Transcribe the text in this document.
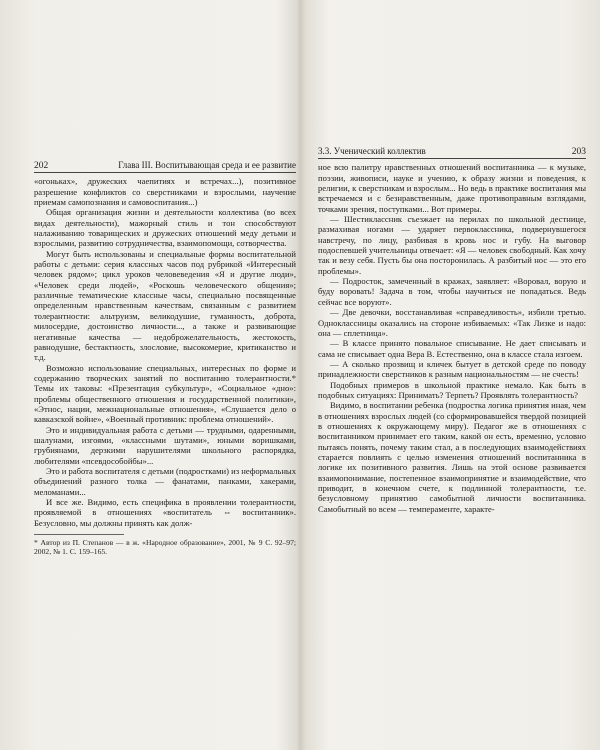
202	Глава III. Воспитывающая среда и ее развитие

«огоньках», дружеских чаепитиях и встречах...), позитивное разрешение конфликтов со сверстниками и взрослыми, научение приемам самопознания и самовоспитания...)

Общая организация жизни и деятельности коллектива (во всех видах деятельности), мажорный стиль и тон способствуют налаживанию товарищеских и дружеских отношений меду детьми и взрослыми, развитию сотрудничества, взаимопомощи, сотворчества.

Могут быть использованы и специальные формы воспитательной работы с детьми: серия классных часов под рубрикой «Интересный человек рядом»; цикл уроков человеведения «Я и другие люди», «Человек среди людей», «Роскошь человеческого общения»; различные тематические классные часы, специально посвященные определенным нравственным качествам, связанным с развитием толерантности: альтруизм, великодушие, гуманность, доброта, милосердие, достоинство личности..., а также и развивающие негативные качества — недоброжелательность, жестокость, равнодушие, бестактность, злословие, высокомерие, критиканство и т.д.

Возможно использование специальных, интересных по форме и содержанию творческих занятий по воспитанию толерантности.* Темы их таковы: «Презентация субкультур», «Социальное «дно»: проблемы общественного отношения и государственной политики», «Этнос, нации, межнациональные отношения», «Слушается дело о кавказской войне», «Военный противник: проблема отношений».

Это и индивидуальная работа с детьми — трудными, одаренными, шалунами, изгоями, «классными шутами», юными воришками, грубиянами, дерзкими нарушителями школьного распорядка, любителями «псевдособойбы»...

Это и работа воспитателя с детьми (подростками) из неформальных объединений разного толка — фанатами, панками, хакерами, меломанами...

И все же. Видимо, есть специфика в проявлении толерантности, проявляемой в отношениях «воспитатель ⇔ воспитанник». Безусловно, мы должны принять как долж-

* Автор из П. Степанов — в ж. «Народное образование», 2001, № 9 С. 92–97; 2002, № 1. С. 159–165.
3.3. Ученический коллектив	203

ное всю палитру нравственных отношений воспитанника — к музыке, поэзии, живописи, науке и учению, к образу жизни и поведения, к религии, к сверстникам и взрослым... Но ведь в практике воспитания мы встречаемся и с безнравственным, даже противоправным взглядами, точками зрения, поступками... Вот примеры.

— Шестиклассник съезжает на перилах по школьной дестнице, размахивая ногами — ударяет первоклассника, подвернувшегося навстречу, по лицу, разбивая в кровь нос и губу. На выговор подоспевшей учительницы отвечает: «Я — человек свободный. Как хочу так и везу себя. Пусть бы она посторонилась. А разбитый нос — это его проблемы».

— Подросток, замеченный в кражах, заявляет: «Воровал, ворую и буду воровать! Задача в том, чтобы научиться не попадаться. Ведь сейчас все воруют».

— Две девочки, восстанавливая «справедливость», избили третью. Одноклассницы оказались на стороне избиваемых: «Так Лизке и надо: она — сплетница».

— В классе принято повальное списывание. Не дает списывать и сама не списывает одна Вера В. Естественно, она в классе стала изгоем.

— А сколько прозвищ и кличек бытует в детской среде по поводу принадлежности сверстников к разным национальностям — не счесть!

Подобных примеров в школьной практике немало. Как быть в подобных ситуациях: Принимать? Терпеть? Проявлять толерантность?

Видимо, в воспитании ребенка (подростка логика принятия иная, чем в отношениях взрослых людей (со сформировавшейся твердой позицией в отношениях к окружающему миру). Педагог же в отношениях с воспитанником принимает его таким, какой он есть, временно, условно пытаясь понять, почему таким стал, а в последующих взаимодействиях старается повлиять с целью изменения отношений воспитанника в логике их позитивного развития. Лишь на этой основе развивается взаимопонимание, постепенное взаимопринятие и взаимодействие, что приводит, в конечном счете, к подлинной толерантности, т.е. безусловному принятию самобытной личности воспитанника. Самобытный во всем — темпераменте, характе-
